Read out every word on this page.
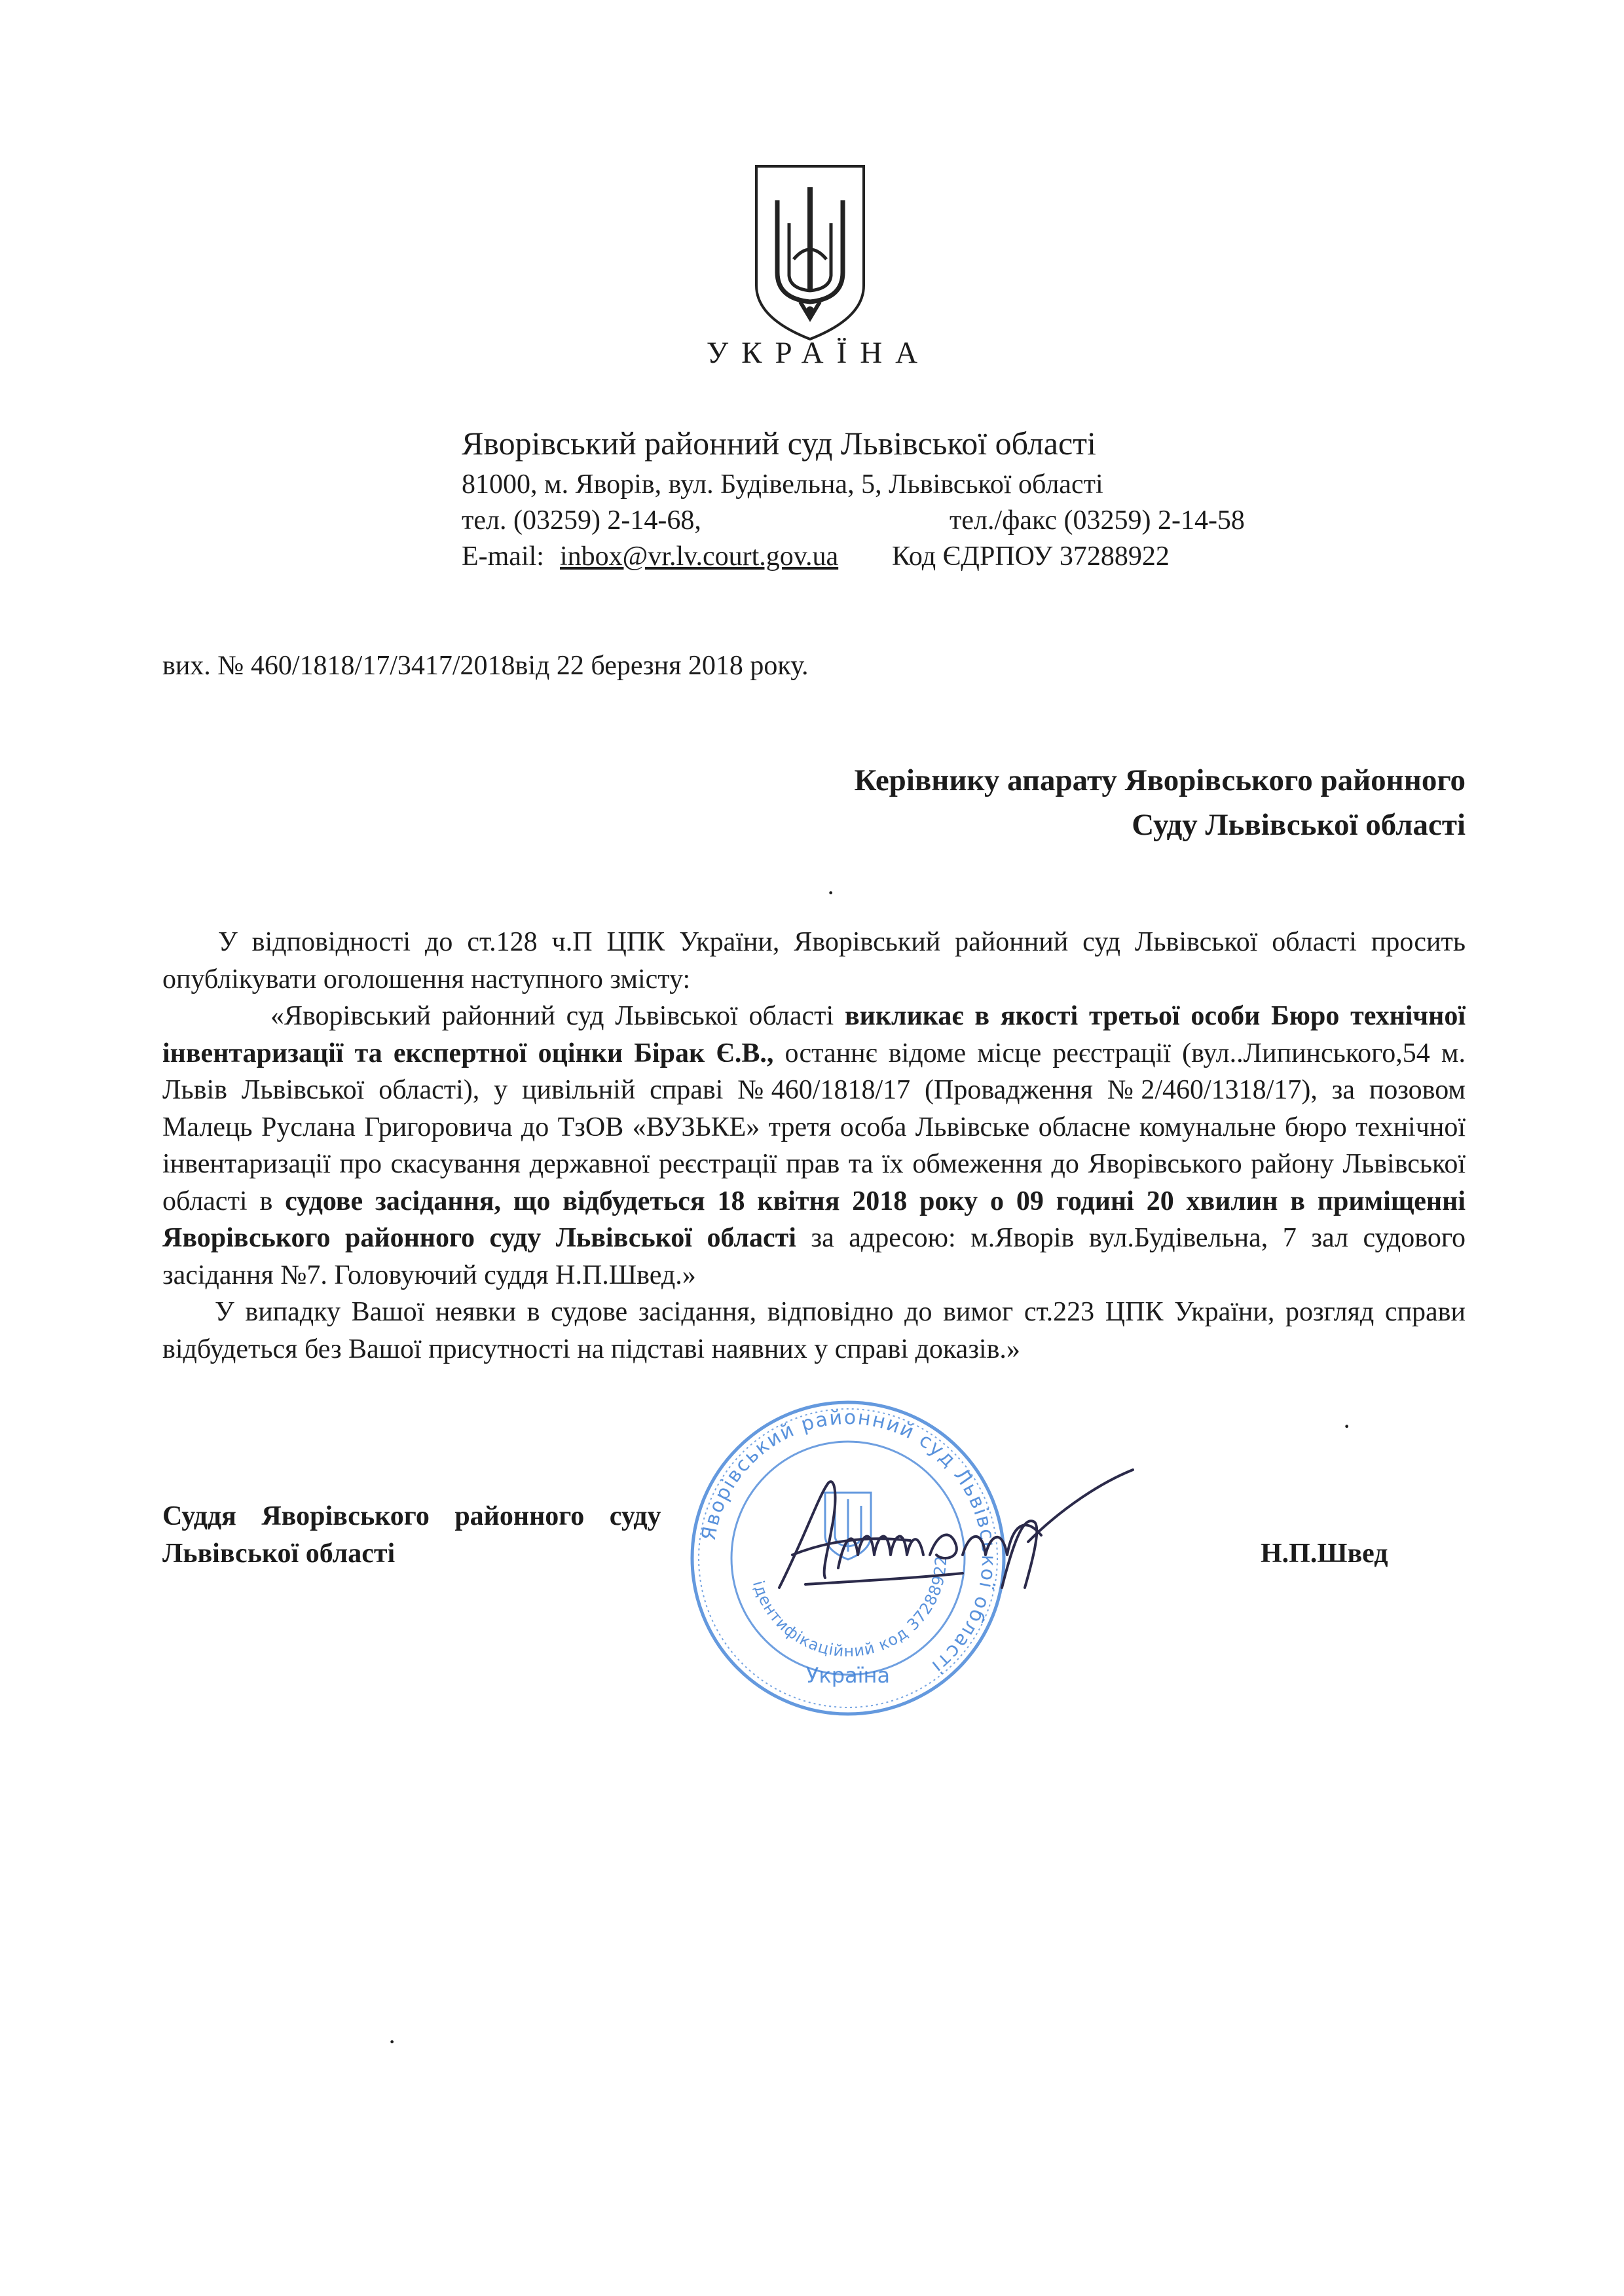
УКРАЇНА
Яворівський районний суд Львівської області
81000, м. Яворів, вул. Будівельна, 5, Львівської області
тел. (03259) 2-14-68,	тел./факс (03259) 2-14-58
E-mail: inbox@vr.lv.court.gov.ua Код ЄДРПОУ 37288922
вих. № 460/1818/17/3417/2018від 22 березня 2018 року.
Керівнику апарату Яворівського районного
Суду Львівської області
·

У відповідності до ст.128 ч.П ЦПК України, Яворівський районний суд Львівської області просить опублікувати оголошення наступного змісту:

«Яворівський районний суд Львівської області викликає в якості третьої особи Бюро технічної інвентаризації та експертної оцінки Бірак Є.В., останнє відоме місце реєстрації (вул..Липинського,54 м. Львів Львівської області), у цивільній справі №460/1818/17 (Провадження №2/460/1318/17), за позовом Малець Руслана Григоровича до ТзОВ «ВУЗЬКЕ» третя особа Львівське обласне комунальне бюро технічної інвентаризації про скасування державної реєстрації прав та їх обмеження до Яворівського району Львівської області в судове засідання, що відбудеться 18 квітня 2018 року о 09 годині 20 хвилин в приміщенні Яворівського районного суду Львівської області за адресою: м.Яворів вул.Будівельна, 7 зал судового засідання №7. Головуючий суддя Н.П.Швед.»

У випадку Вашої неявки в судове засідання, відповідно до вимог ст.223 ЦПК України, розгляд справи відбудеться без Вашої присутності на підставі наявних у справі доказів.»

·
Яворівський районний суд Львівської області
ідентифікаційний код 37288922
Україна
Суддя Яворівського районного суду
Львівської області	Н.П.Швед
·
